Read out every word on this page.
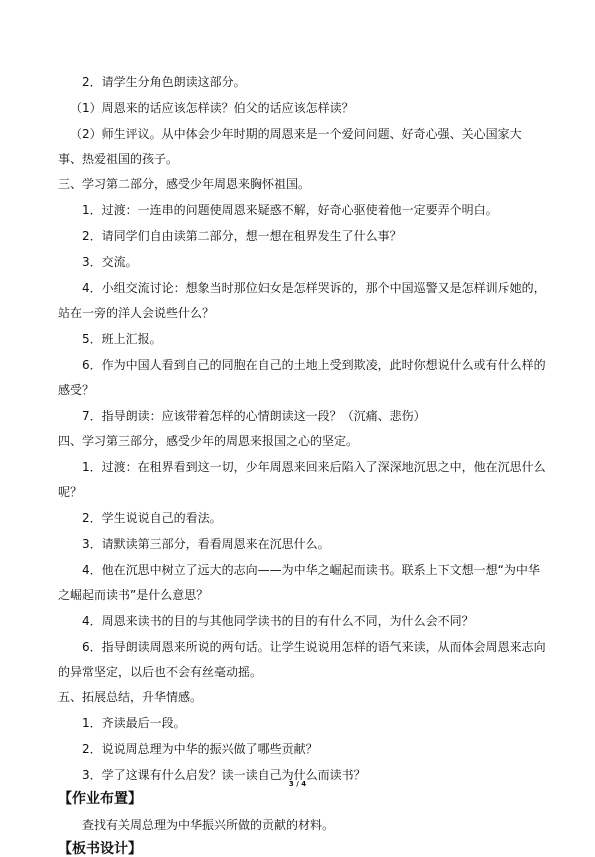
2．请学生分角色朗读这部分。

（1）周恩来的话应该怎样读？伯父的话应该怎样读？

（2）师生评议。从中体会少年时期的周恩来是一个爱问问题、好奇心强、关心国家大

事、热爱祖国的孩子。

三、学习第二部分，感受少年周恩来胸怀祖国。

1．过渡：一连串的问题使周恩来疑惑不解，好奇心驱使着他一定要弄个明白。

2．请同学们自由读第二部分，想一想在租界发生了什么事？

3．交流。

4．小组交流讨论：想象当时那位妇女是怎样哭诉的，那个中国巡警又是怎样训斥她的，

站在一旁的洋人会说些什么？

5．班上汇报。

6．作为中国人看到自己的同胞在自己的土地上受到欺凌，此时你想说什么或有什么样的

感受？

7．指导朗读：应该带着怎样的心情朗读这一段？（沉痛、悲伤）

四、学习第三部分，感受少年的周恩来报国之心的坚定。

1．过渡：在租界看到这一切，少年周恩来回来后陷入了深深地沉思之中，他在沉思什么

呢？

2．学生说说自己的看法。

3．请默读第三部分，看看周恩来在沉思什么。

4．他在沉思中树立了远大的志向——为中华之崛起而读书。联系上下文想一想“为中华

之崛起而读书”是什么意思？

4．周恩来读书的目的与其他同学读书的目的有什么不同，为什么会不同？

6．指导朗读周恩来所说的两句话。让学生说说用怎样的语气来读，从而体会周恩来志向

的异常坚定，以后也不会有丝毫动摇。

五、拓展总结，升华情感。

1．齐读最后一段。

2．说说周总理为中华的振兴做了哪些贡献？

3．学了这课有什么启发？读一读自己为什么而读书？

【作业布置】

查找有关周总理为中华振兴所做的贡献的材料。

【板书设计】

3 / 4
